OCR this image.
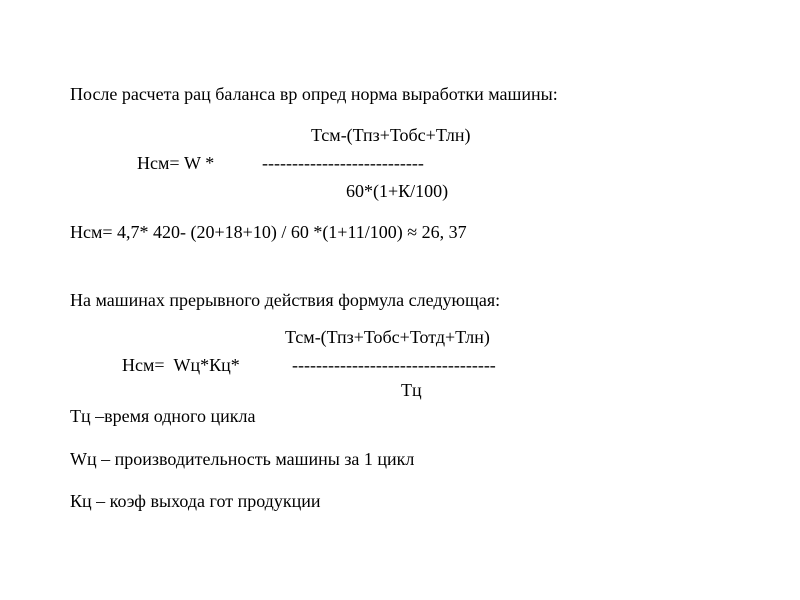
После расчета рац баланса вр опред норма выработки машины:
Тсм-(Тпз+Тобс+Тлн)
Нсм= W *	---------------------------
60*(1+К/100)
Нсм= 4,7* 420- (20+18+10) / 60 *(1+11/100) ≈ 26, 37
На машинах прерывного действия формула следующая:
Тсм-(Тпз+Тобс+Тотд+Тлн)
Нсм=  Wц*Кц*	----------------------------------
Тц
Тц –время одного цикла
Wц – производительность машины за 1 цикл
Кц – коэф выхода гот продукции
